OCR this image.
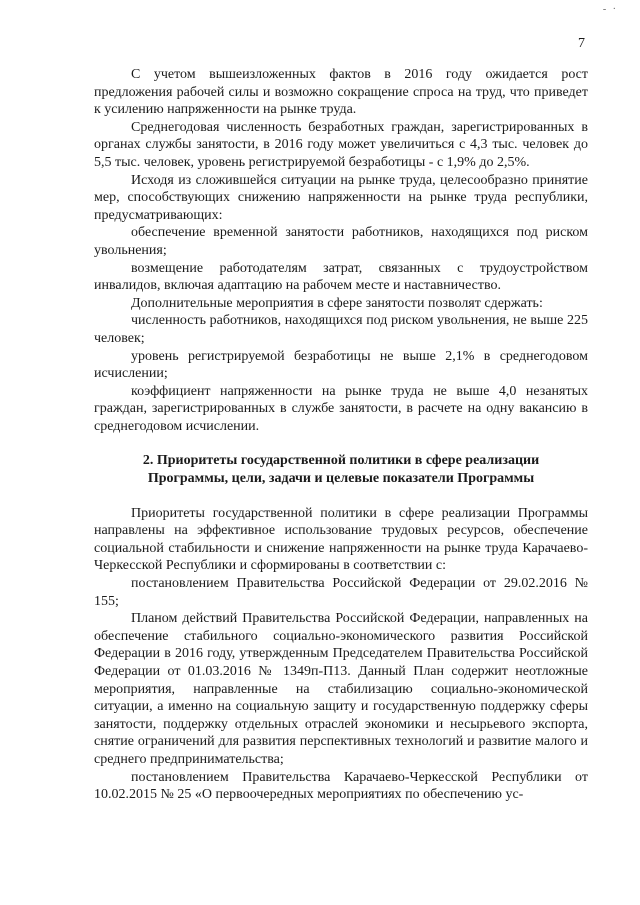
- ·
7

С учетом вышеизложенных фактов в 2016 году ожидается рост предложения рабочей силы и возможно сокращение спроса на труд, что приведет к усилению напряженности на рынке труда.

Среднегодовая численность безработных граждан, зарегистрированных в органах службы занятости, в 2016 году может увеличиться с 4,3 тыс. человек до 5,5 тыс. человек, уровень регистрируемой безработицы - с 1,9% до 2,5%.

Исходя из сложившейся ситуации на рынке труда, целесообразно принятие мер, способствующих снижению напряженности на рынке труда республики, предусматривающих:

обеспечение временной занятости работников, находящихся под риском увольнения;

возмещение работодателям затрат, связанных с трудоустройством инвалидов, включая адаптацию на рабочем месте и наставничество.

Дополнительные мероприятия в сфере занятости позволят сдержать:

численность работников, находящихся под риском увольнения, не выше 225 человек;

уровень регистрируемой безработицы не выше 2,1% в среднегодовом исчислении;

коэффициент напряженности на рынке труда не выше 4,0 незанятых граждан, зарегистрированных в службе занятости, в расчете на одну вакансию в среднегодовом исчислении.

2. Приоритеты государственной политики в сфере реализации
Программы, цели, задачи и целевые показатели Программы

Приоритеты государственной политики в сфере реализации Программы направлены на эффективное использование трудовых ресурсов, обеспечение социальной стабильности и снижение напряженности на рынке труда Карачаево-Черкесской Республики и сформированы в соответствии с:

постановлением Правительства Российской Федерации от 29.02.2016 № 155;

Планом действий Правительства Российской Федерации, направленных на обеспечение стабильного социально-экономического развития Российской Федерации в 2016 году, утвержденным Председателем Правительства Российской Федерации от 01.03.2016 № 1349п-П13. Данный План содержит неотложные мероприятия, направленные на стабилизацию социально-экономической ситуации, а именно на социальную защиту и государственную поддержку сферы занятости, поддержку отдельных отраслей экономики и несырьевого экспорта, снятие ограничений для развития перспективных технологий и развитие малого и среднего предпринимательства;

постановлением Правительства Карачаево-Черкесской Республики от 10.02.2015 № 25 «О первоочередных мероприятиях по обеспечению ус-
